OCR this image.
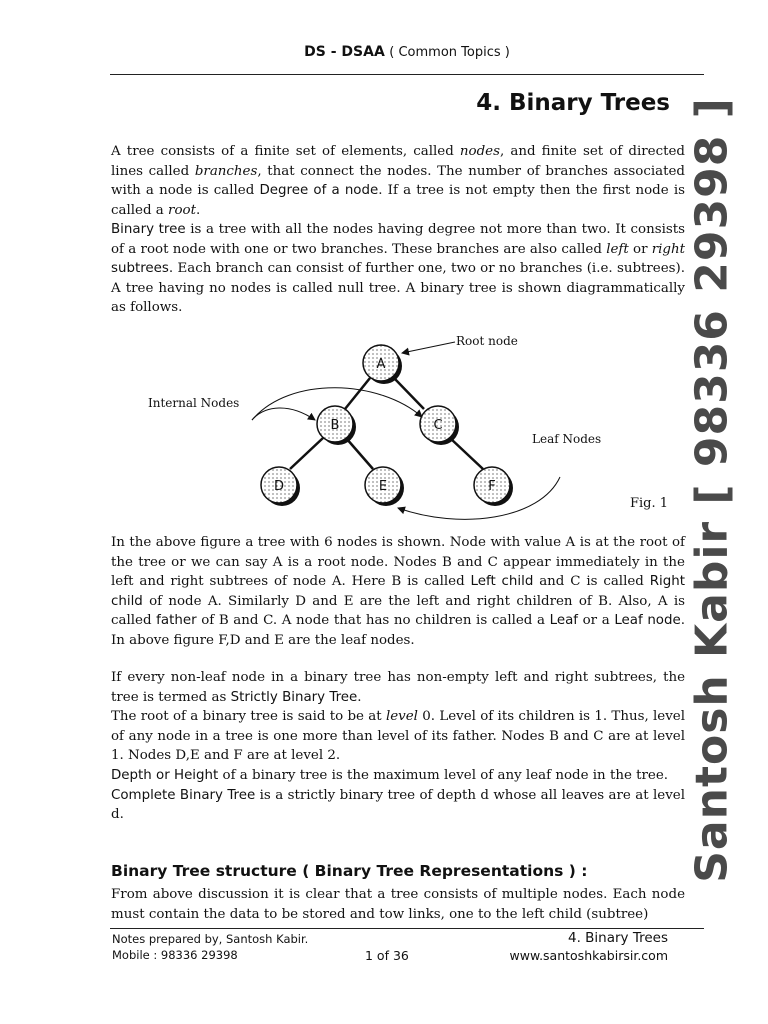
DS - DSAA ( Common Topics )
4. Binary Trees

A tree consists of a finite set of elements, called nodes, and finite set of directed lines called branches, that connect the nodes. The number of branches associated with a node is called Degree of a node. If a tree is not empty then the first node is called a root.

Binary tree is a tree with all the nodes having degree not more than two. It consists of a root node with one or two branches. These branches are also called left or right subtrees. Each branch can consist of further one, two or no branches (i.e. subtrees). A tree having no nodes is called null tree. A binary tree is shown diagrammatically as follows.

A
B	C
D	E	F
Root node
Internal Nodes
Leaf Nodes
Fig. 1

In the above figure a tree with 6 nodes is shown. Node with value A is at the root of the tree or we can say A is a root node. Nodes B and C appear immediately in the left and right subtrees of node A. Here B is called Left child and C is called Right child of node A. Similarly D and E are the left and right children of B. Also, A is called father of B and C. A node that has no children is called a Leaf or a Leaf node. In above figure F,D and E are the leaf nodes.

If every non-leaf node in a binary tree has non-empty left and right subtrees, the tree is termed as Strictly Binary Tree.
The root of a binary tree is said to be at level 0. Level of its children is 1. Thus, level of any node in a tree is one more than level of its father. Nodes B and C are at level 1. Nodes D,E and F are at level 2.
Depth or Height of a binary tree is the maximum level of any leaf node in the tree.
Complete Binary Tree is a strictly binary tree of depth d whose all leaves are at level d.

Binary Tree structure ( Binary Tree Representations ) :

From above discussion it is clear that a tree consists of multiple nodes. Each node must contain the data to be stored and tow links, one to the left child (subtree)

Santosh Kabir [ 98336 29398 ]
Notes prepared by, Santosh Kabir.
Mobile : 98336 29398	1 of 36
4. Binary Trees
www.santoshkabirsir.com
